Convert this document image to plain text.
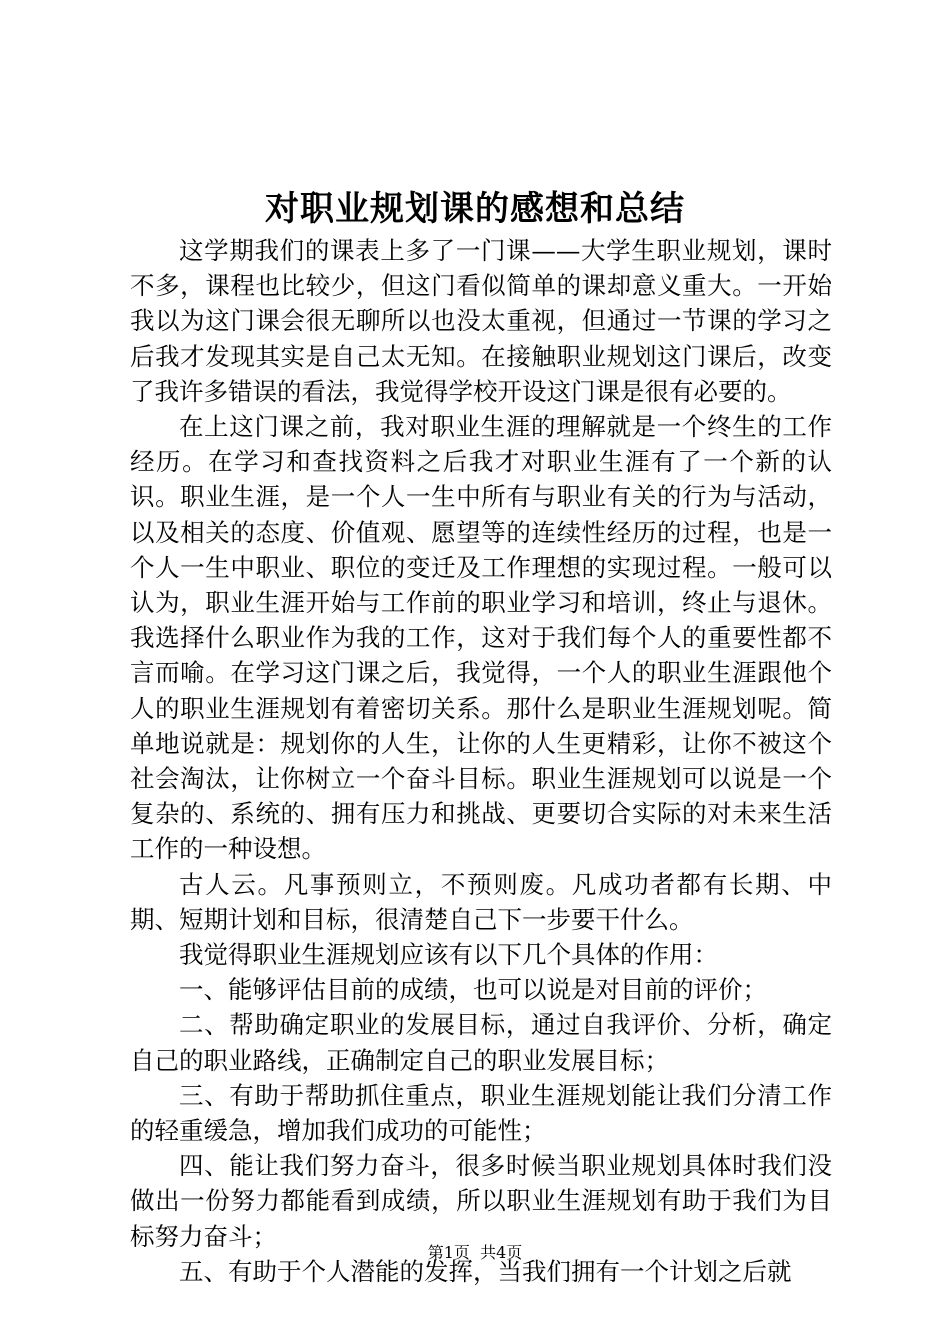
对职业规划课的感想和总结

这学期我们的课表上多了一门课——大学生职业规划，课时不多，课程也比较少，但这门看似简单的课却意义重大。一开始我以为这门课会很无聊所以也没太重视，但通过一节课的学习之后我才发现其实是自己太无知。在接触职业规划这门课后，改变了我许多错误的看法，我觉得学校开设这门课是很有必要的。

在上这门课之前，我对职业生涯的理解就是一个终生的工作经历。在学习和查找资料之后我才对职业生涯有了一个新的认识。职业生涯，是一个人一生中所有与职业有关的行为与活动，以及相关的态度、价值观、愿望等的连续性经历的过程，也是一个人一生中职业、职位的变迁及工作理想的实现过程。一般可以认为，职业生涯开始与工作前的职业学习和培训，终止与退休。我选择什么职业作为我的工作，这对于我们每个人的重要性都不言而喻。在学习这门课之后，我觉得，一个人的职业生涯跟他个人的职业生涯规划有着密切关系。那什么是职业生涯规划呢。简单地说就是：规划你的人生，让你的人生更精彩，让你不被这个社会淘汰，让你树立一个奋斗目标。职业生涯规划可以说是一个复杂的、系统的、拥有压力和挑战、更要切合实际的对未来生活工作的一种设想。

古人云。凡事预则立，不预则废。凡成功者都有长期、中期、短期计划和目标，很清楚自己下一步要干什么。

我觉得职业生涯规划应该有以下几个具体的作用：

一、能够评估目前的成绩，也可以说是对目前的评价；

二、帮助确定职业的发展目标，通过自我评价、分析，确定自己的职业路线，正确制定自己的职业发展目标；

三、有助于帮助抓住重点，职业生涯规划能让我们分清工作的轻重缓急，增加我们成功的可能性；

四、能让我们努力奋斗，很多时候当职业规划具体时我们没做出一份努力都能看到成绩，所以职业生涯规划有助于我们为目标努力奋斗；

五、有助于个人潜能的发挥，当我们拥有一个计划之后就

第1页  共4页
